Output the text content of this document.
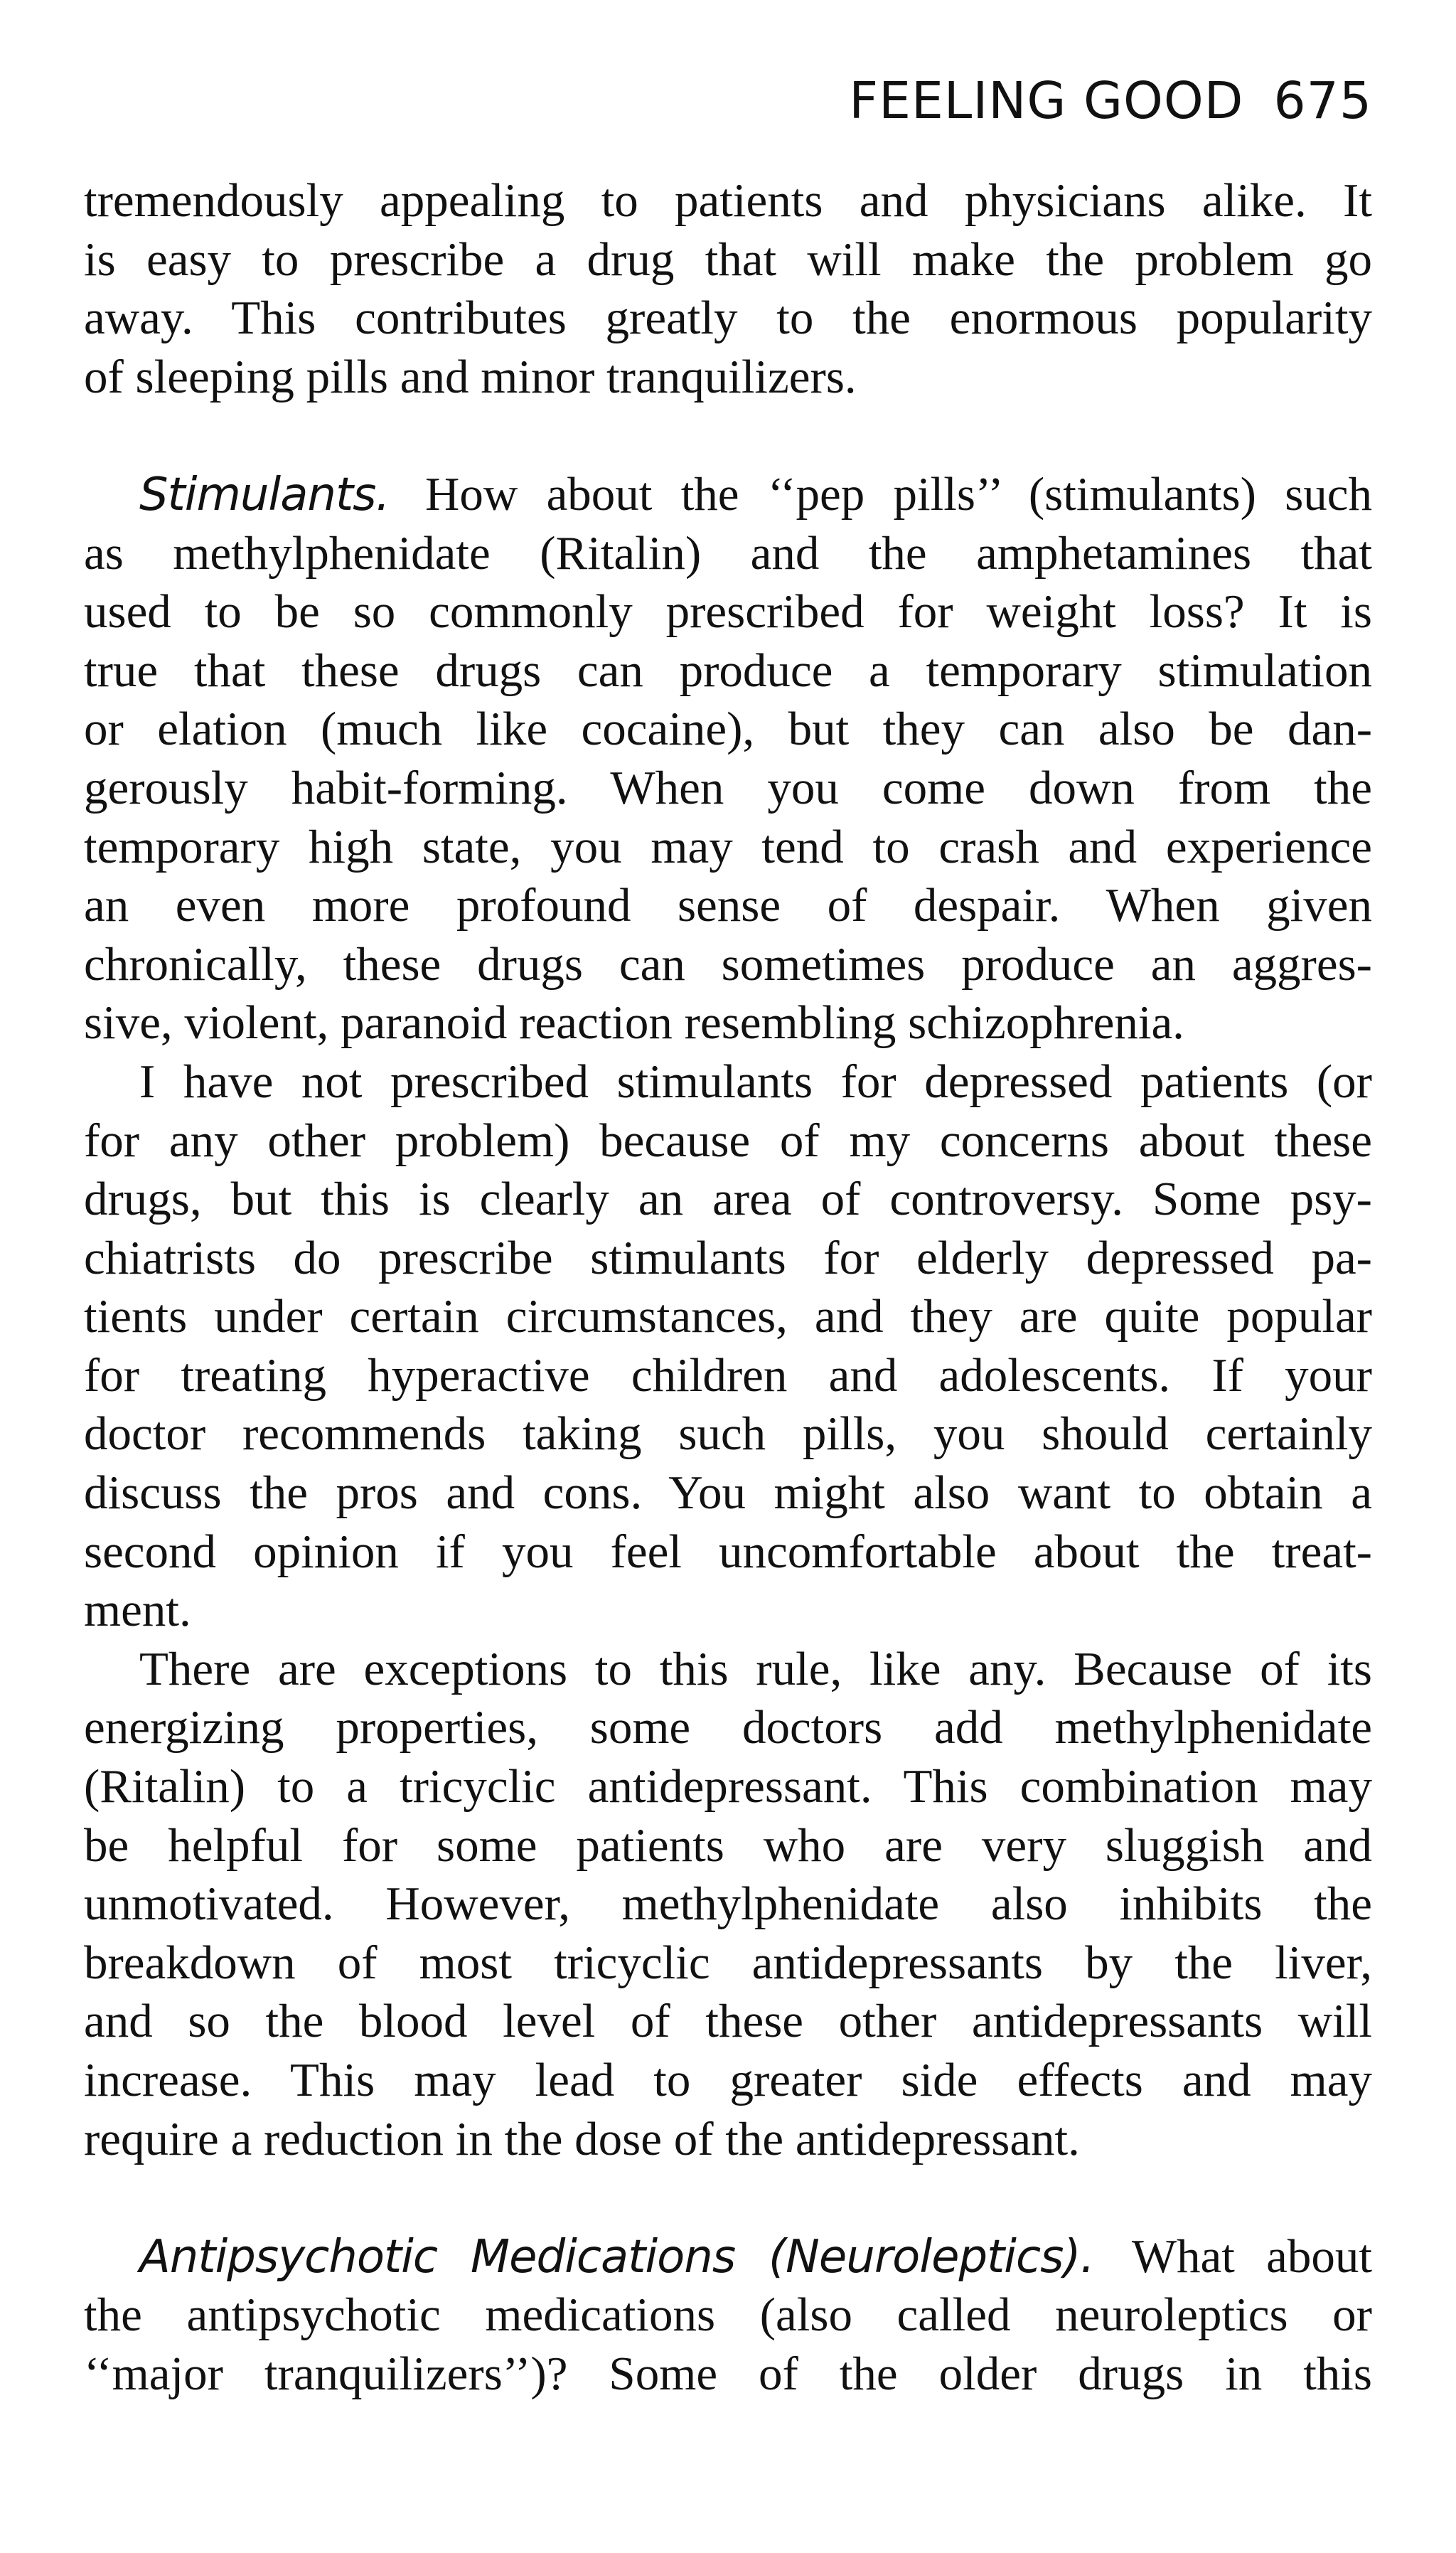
FEELING GOOD 675

tremendously appealing to patients and physicians alike. It
is easy to prescribe a drug that will make the problem go
away. This contributes greatly to the enormous popularity
of sleeping pills and minor tranquilizers.

Stimulants. How about the ‘‘pep pills’’ (stimulants) such
as methylphenidate (Ritalin) and the amphetamines that
used to be so commonly prescribed for weight loss? It is
true that these drugs can produce a temporary stimulation
or elation (much like cocaine), but they can also be dan-
gerously habit-forming. When you come down from the
temporary high state, you may tend to crash and experience
an even more profound sense of despair. When given
chronically, these drugs can sometimes produce an aggres-
sive, violent, paranoid reaction resembling schizophrenia.

I have not prescribed stimulants for depressed patients (or
for any other problem) because of my concerns about these
drugs, but this is clearly an area of controversy. Some psy-
chiatrists do prescribe stimulants for elderly depressed pa-
tients under certain circumstances, and they are quite popular
for treating hyperactive children and adolescents. If your
doctor recommends taking such pills, you should certainly
discuss the pros and cons. You might also want to obtain a
second opinion if you feel uncomfortable about the treat-
ment.

There are exceptions to this rule, like any. Because of its
energizing properties, some doctors add methylphenidate
(Ritalin) to a tricyclic antidepressant. This combination may
be helpful for some patients who are very sluggish and
unmotivated. However, methylphenidate also inhibits the
breakdown of most tricyclic antidepressants by the liver,
and so the blood level of these other antidepressants will
increase. This may lead to greater side effects and may
require a reduction in the dose of the antidepressant.

Antipsychotic Medications (Neuroleptics). What about
the antipsychotic medications (also called neuroleptics or
‘‘major tranquilizers’’)? Some of the older drugs in this
